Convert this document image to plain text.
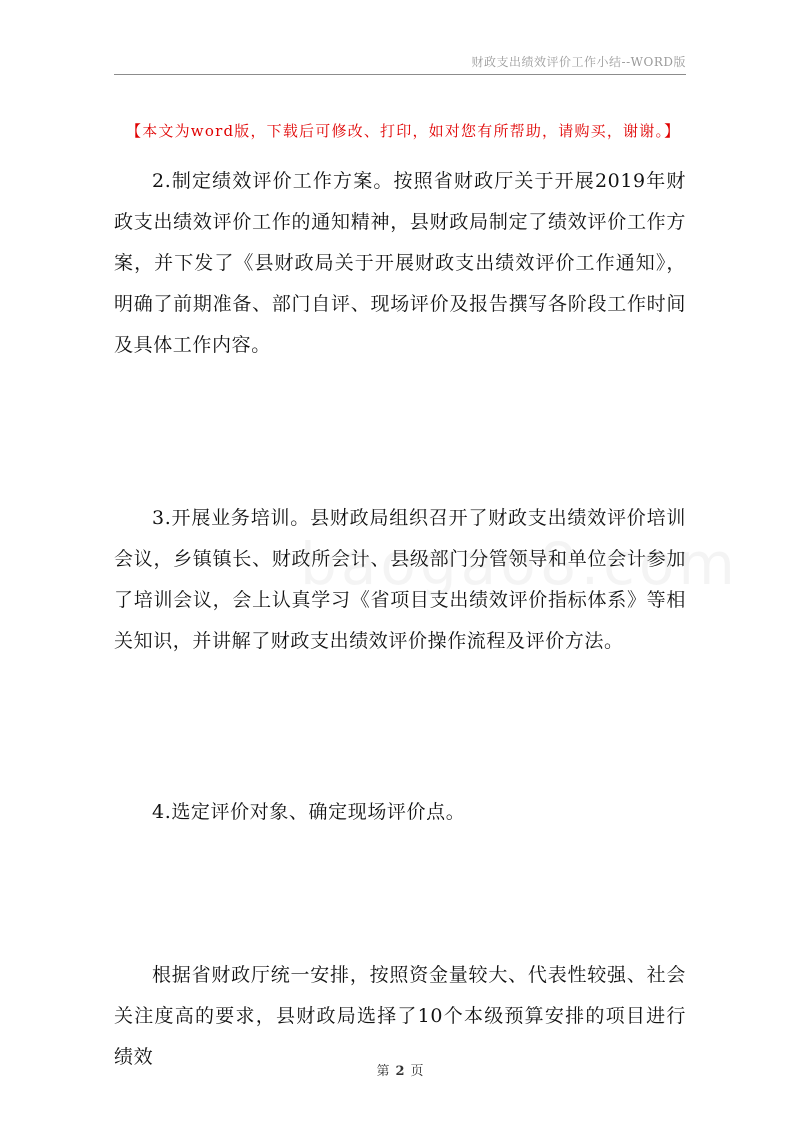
财政支出绩效评价工作小结--WORD版
【本文为word版，下载后可修改、打印，如对您有所帮助，请购买，谢谢。】

2.制定绩效评价工作方案。按照省财政厅关于开展2019年财政支出绩效评价工作的通知精神，县财政局制定了绩效评价工作方案，并下发了《县财政局关于开展财政支出绩效评价工作通知》，明确了前期准备、部门自评、现场评价及报告撰写各阶段工作时间及具体工作内容。

3.开展业务培训。县财政局组织召开了财政支出绩效评价培训会议，乡镇镇长、财政所会计、县级部门分管领导和单位会计参加了培训会议，会上认真学习《省项目支出绩效评价指标体系》等相关知识，并讲解了财政支出绩效评价操作流程及评价方法。

4.选定评价对象、确定现场评价点。

根据省财政厅统一安排，按照资金量较大、代表性较强、社会关注度高的要求，县财政局选择了10个本级预算安排的项目进行绩效

第 2 页
